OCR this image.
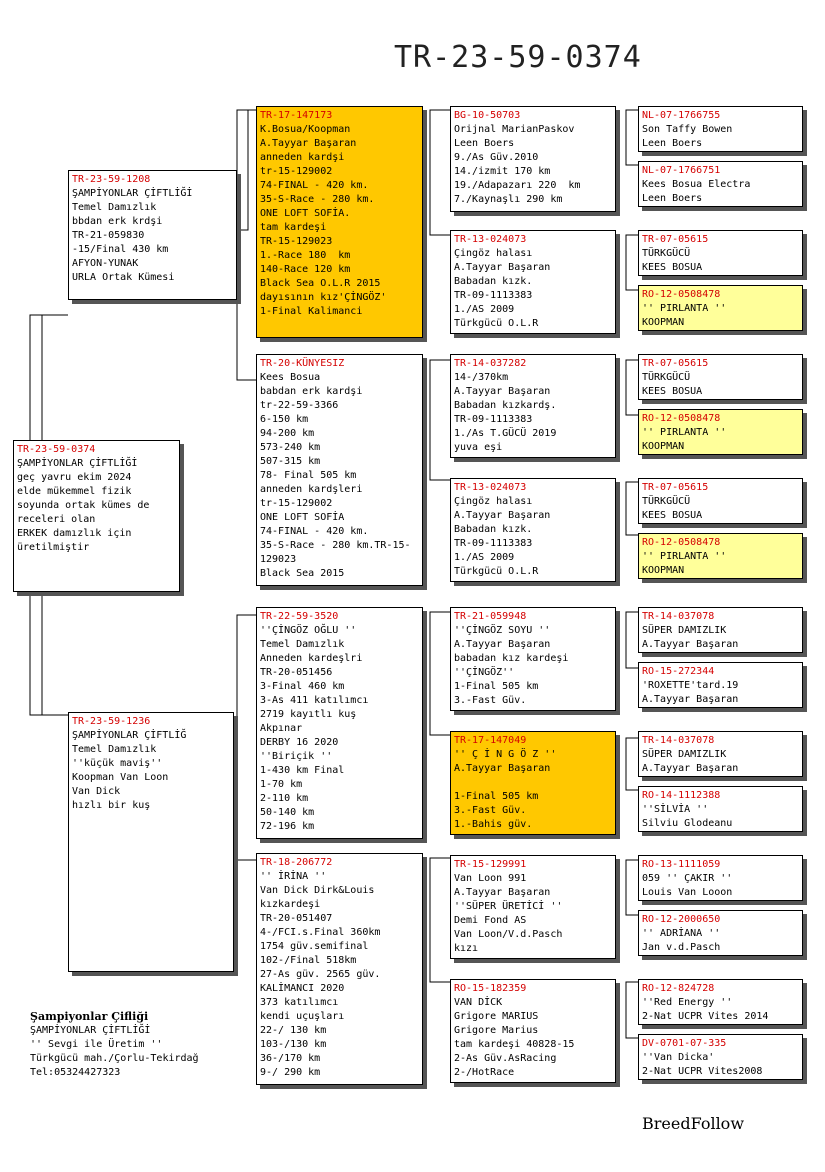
TR-23-59-0374
TR-23-59-0374
ŞAMPİYONLAR ÇİFTLİĞİ
geç yavru ekim 2024
elde mükemmel fizik
soyunda ortak kümes de
receleri olan
ERKEK damızlık için
üretilmiştir
TR-23-59-1208
ŞAMPİYONLAR ÇİFTLİĞİ
Temel Damızlık
bbdan erk krdşi
TR-21-059830
-15/Final 430 km
AFYON-YUNAK
URLA Ortak Kümesi
TR-23-59-1236
ŞAMPİYONLAR ÇİFTLİĞ
Temel Damızlık
''küçük maviş''
Koopman Van Loon
Van Dick
hızlı bir kuş
TR-17-147173
K.Bosua/Koopman
A.Tayyar Başaran
anneden kardşi
tr-15-129002
74-FINAL - 420 km.
35-S-Race - 280 km.
ONE LOFT SOFİA.
tam kardeşi
TR-15-129023
1.-Race 180  km
140-Race 120 km
Black Sea O.L.R 2015
dayısının kız'ÇİNGÖZ'
1-Final Kalimanci
TR-20-KÜNYESIZ
Kees Bosua
babdan erk kardşi
tr-22-59-3366
6-150 km
94-200 km
573-240 km
507-315 km
78- Final 505 km
anneden kardşleri
tr-15-129002
ONE LOFT SOFİA
74-FINAL - 420 km.
35-S-Race - 280 km.TR-15-129023
Black Sea 2015
TR-22-59-3520
''ÇİNGÖZ OĞLU ''
Temel Damızlık
Anneden kardeşlri
TR-20-051456
3-Final 460 km
3-As 411 katılımcı
2719 kayıtlı kuş
Akpınar
DERBY 16 2020
''Biriçik ''
1-430 km Final
1-70 km
2-110 km
50-140 km
72-196 km
TR-18-206772
'' İRİNA ''
Van Dick Dirk&Louis
kızkardeşi
TR-20-051407
4-/FCI.s.Final 360km
1754 güv.semifinal
102-/Final 518km
27-As güv. 2565 güv.
KALİMANCI 2020
373 katılımcı
kendi uçuşları
22-/ 130 km
103-/130 km
36-/170 km
9-/ 290 km
BG-10-50703
Orijnal MarianPaskov
Leen Boers
9./As Güv.2010
14./izmit 170 km
19./Adapazarı 220  km
7./Kaynaşlı 290 km
TR-13-024073
Çingöz halası
A.Tayyar Başaran
Babadan kızk.
TR-09-1113383
1./AS 2009
Türkgücü O.L.R
TR-14-037282
14-/370km
A.Tayyar Başaran
Babadan kızkardş.
TR-09-1113383
1./As T.GÜCÜ 2019
yuva eşi
TR-13-024073
Çingöz halası
A.Tayyar Başaran
Babadan kızk.
TR-09-1113383
1./AS 2009
Türkgücü O.L.R
TR-21-059948
''ÇİNGÖZ SOYU ''
A.Tayyar Başaran
babadan kız kardeşi
''ÇİNGÖZ''
1-Final 505 km
3.-Fast Güv.
TR-17-147049
'' Ç İ N G Ö Z ''
A.Tayyar Başaran

1-Final 505 km
3.-Fast Güv.
1.-Bahis güv.
TR-15-129991
Van Loon 991
A.Tayyar Başaran
''SÜPER ÜRETİCİ ''
Demi Fond AS
Van Loon/V.d.Pasch
kızı
RO-15-182359
VAN DİCK
Grigore MARIUS
Grigore Marius
tam kardeşi 40828-15
2-As Güv.AsRacing
2-/HotRace
NL-07-1766755
Son Taffy Bowen
Leen Boers
NL-07-1766751
Kees Bosua Electra
Leen Boers
TR-07-05615
TÜRKGÜCÜ
KEES BOSUA
RO-12-0508478
'' PIRLANTA ''
KOOPMAN
TR-07-05615
TÜRKGÜCÜ
KEES BOSUA
RO-12-0508478
'' PIRLANTA ''
KOOPMAN
TR-07-05615
TÜRKGÜCÜ
KEES BOSUA
RO-12-0508478
'' PIRLANTA ''
KOOPMAN
TR-14-037078
SÜPER DAMIZLIK
A.Tayyar Başaran
RO-15-272344
'ROXETTE'tard.19
A.Tayyar Başaran
TR-14-037078
SÜPER DAMIZLIK
A.Tayyar Başaran
RO-14-1112388
''SİLVİA ''
Silviu Glodeanu
RO-13-1111059
059 '' ÇAKIR ''
Louis Van Looon
RO-12-2000650
'' ADRİANA ''
Jan v.d.Pasch
RO-12-824728
''Red Energy ''
2-Nat UCPR Vites 2014
DV-0701-07-335
''Van Dicka'
2-Nat UCPR Vites2008
Şampiyonlar Çifliği
ŞAMPİYONLAR ÇİFTLİĞİ
'' Sevgi ile Üretim ''
Türkgücü mah./Çorlu-Tekirdağ
Tel:05324427323
BreedFollow
